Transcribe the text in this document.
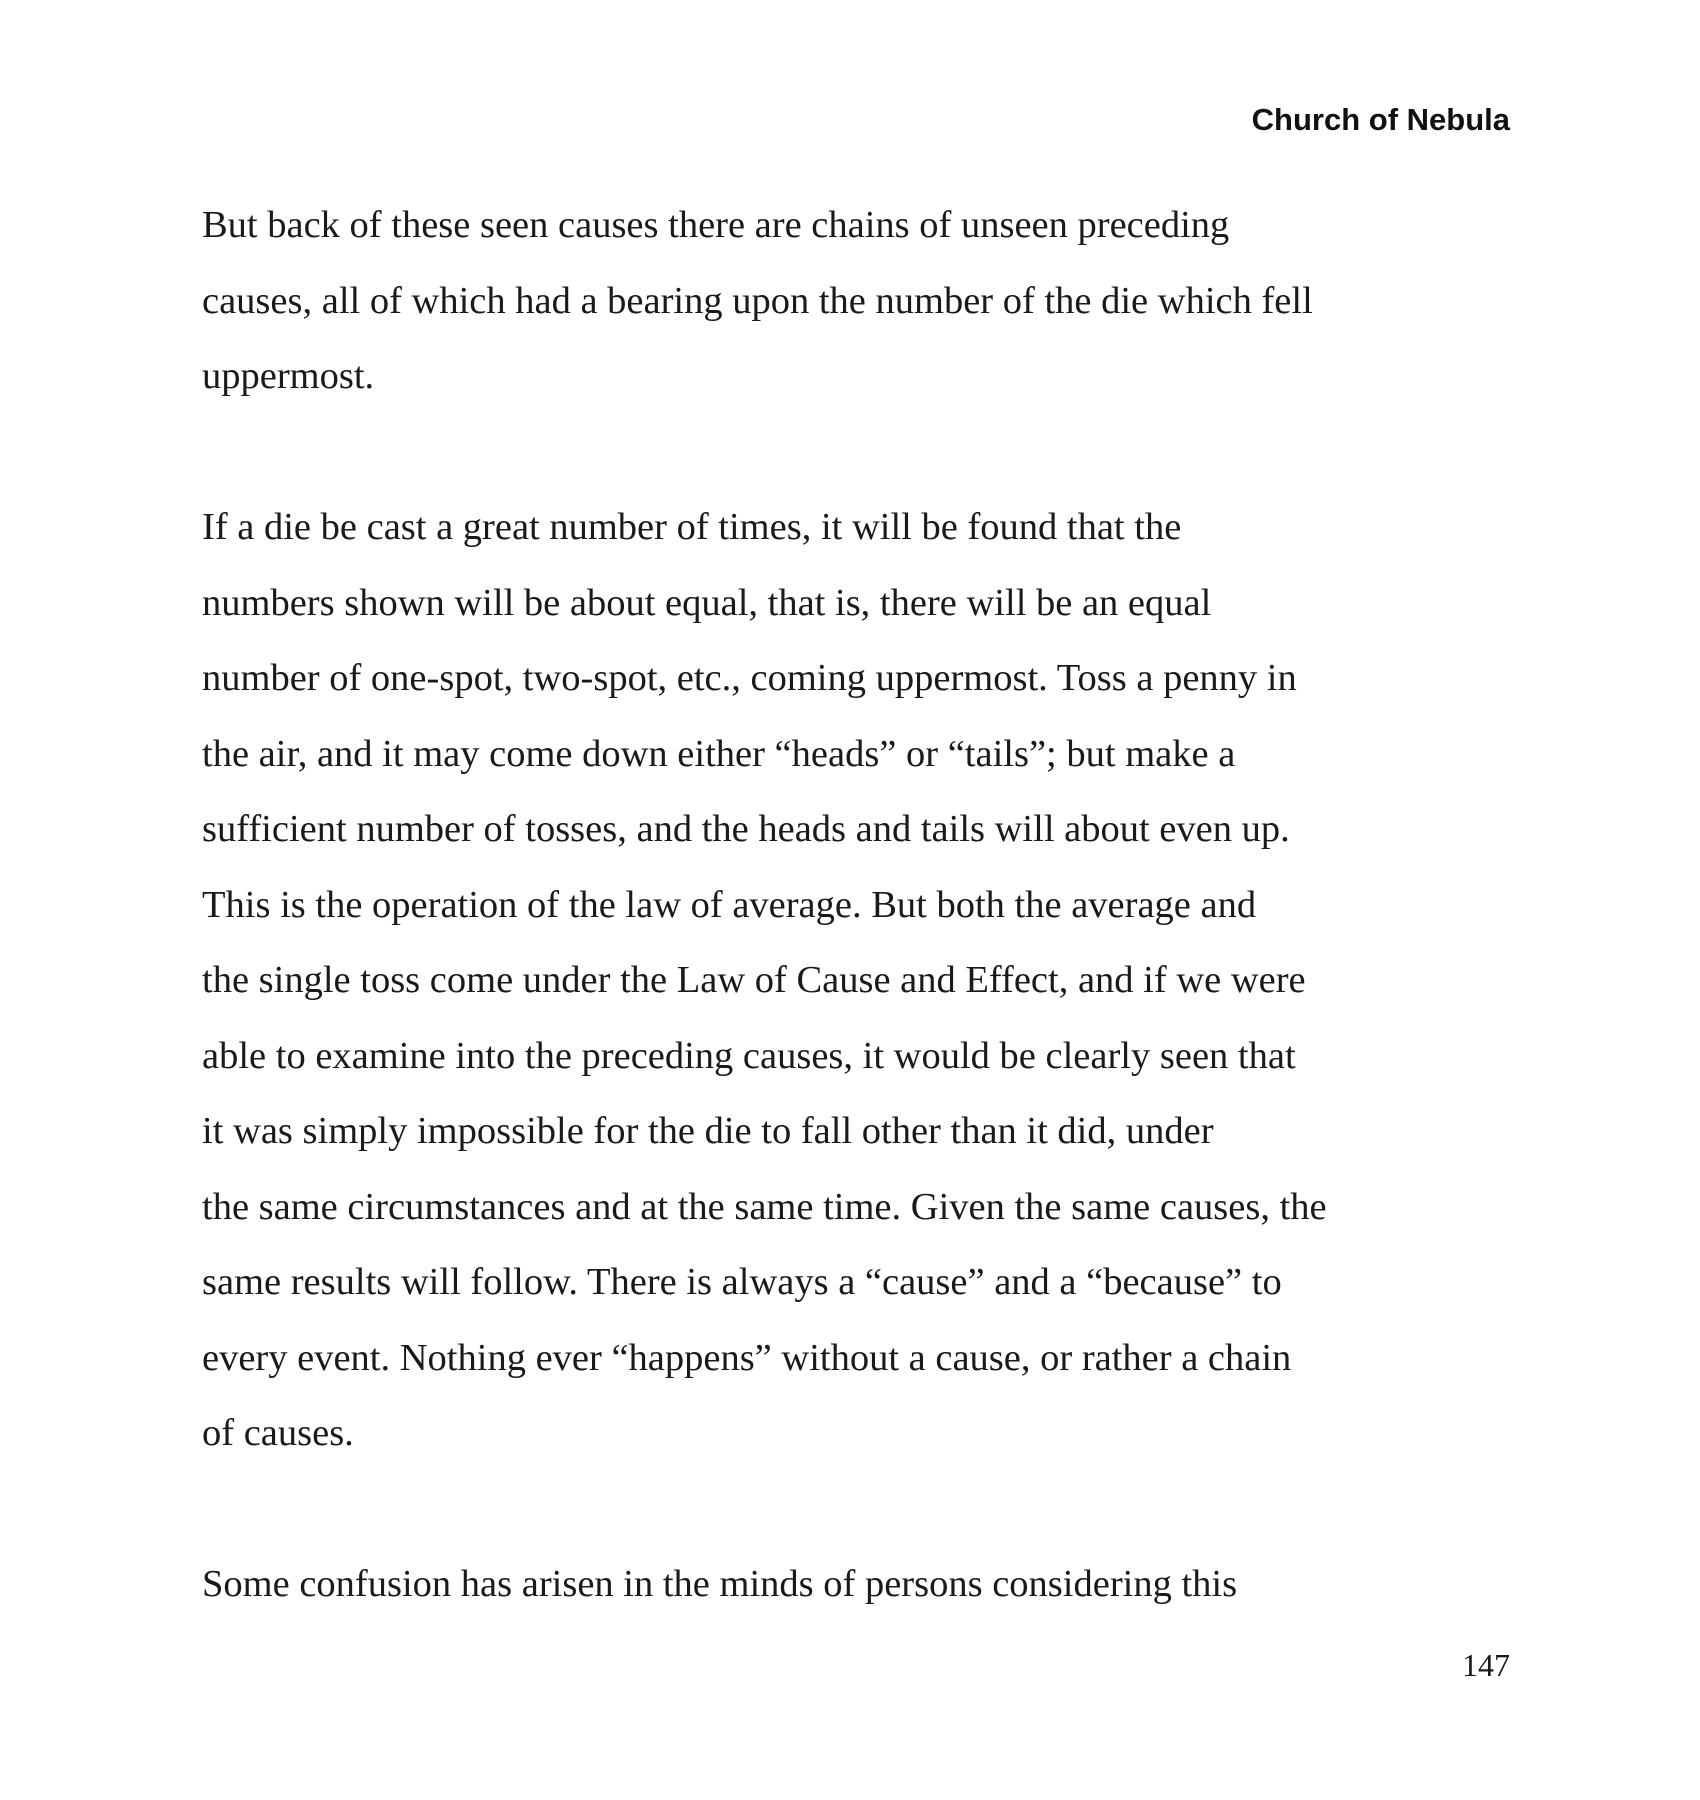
Church of Nebula

But back of these seen causes there are chains of unseen preceding
causes, all of which had a bearing upon the number of the die which fell
uppermost.

If a die be cast a great number of times, it will be found that the
numbers shown will be about equal, that is, there will be an equal
number of one-spot, two-spot, etc., coming uppermost. Toss a penny in
the air, and it may come down either “heads” or “tails”; but make a
sufficient number of tosses, and the heads and tails will about even up.
This is the operation of the law of average. But both the average and
the single toss come under the Law of Cause and Effect, and if we were
able to examine into the preceding causes, it would be clearly seen that
it was simply impossible for the die to fall other than it did, under
the same circumstances and at the same time. Given the same causes, the
same results will follow. There is always a “cause” and a “because” to
every event. Nothing ever “happens” without a cause, or rather a chain
of causes.

Some confusion has arisen in the minds of persons considering this

147
